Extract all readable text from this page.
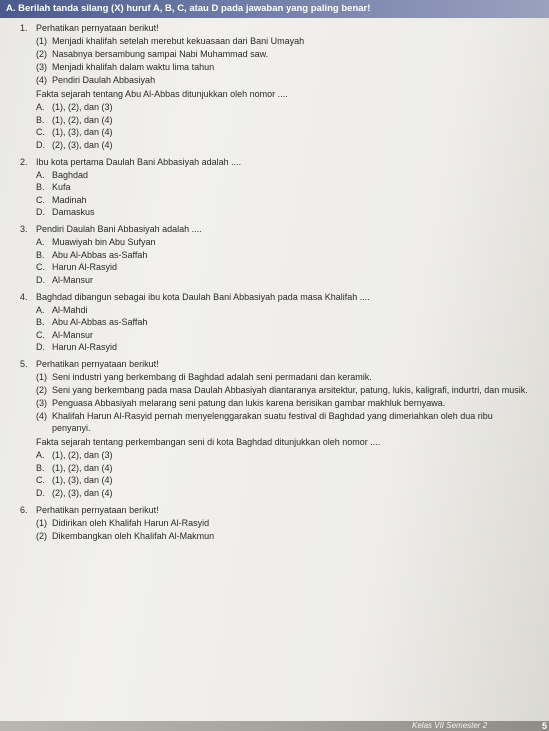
A. Berilah tanda silang (X) huruf A, B, C, atau D pada jawaban yang paling benar!
1. Perhatikan pernyataan berikut!
(1) Menjadi khalifah setelah merebut kekuasaan dari Bani Umayah
(2) Nasabnya bersambung sampai Nabi Muhammad saw.
(3) Menjadi khalifah dalam waktu lima tahun
(4) Pendiri Daulah Abbasiyah
Fakta sejarah tentang Abu Al-Abbas ditunjukkan oleh nomor ....
A. (1), (2), dan (3)
B. (1), (2), dan (4)
C. (1), (3), dan (4)
D. (2), (3), dan (4)
2. Ibu kota pertama Daulah Bani Abbasiyah adalah ....
A. Baghdad
B. Kufa
C. Madinah
D. Damaskus
3. Pendiri Daulah Bani Abbasiyah adalah ....
A. Muawiyah bin Abu Sufyan
B. Abu Al-Abbas as-Saffah
C. Harun Al-Rasyid
D. Al-Mansur
4. Baghdad dibangun sebagai ibu kota Daulah Bani Abbasiyah pada masa Khalifah ....
A. Al-Mahdi
B. Abu Al-Abbas as-Saffah
C. Al-Mansur
D. Harun Al-Rasyid
5. Perhatikan pernyataan berikut!
(1) Seni industri yang berkembang di Baghdad adalah seni permadani dan keramik.
(2) Seni yang berkembang pada masa Daulah Abbasiyah diantaranya arsitektur, patung, lukis, kaligrafi, indurtri, dan musik.
(3) Penguasa Abbasiyah melarang seni patung dan lukis karena berisikan gambar makhluk bernyawa.
(4) Khalifah Harun Al-Rasyid pernah menyelenggarakan suatu festival di Baghdad yang dimeriahkan oleh dua ribu penyanyi.
Fakta sejarah tentang perkembangan seni di kota Baghdad ditunjukkan oleh nomor ....
A. (1), (2), dan (3)
B. (1), (2), dan (4)
C. (1), (3), dan (4)
D. (2), (3), dan (4)
6. Perhatikan pernyataan berikut!
(1) Didirikan oleh Khalifah Harun Al-Rasyid
(2) Dikembangkan oleh Khalifah Al-Makmun
Kelas VII Semester 2	5
